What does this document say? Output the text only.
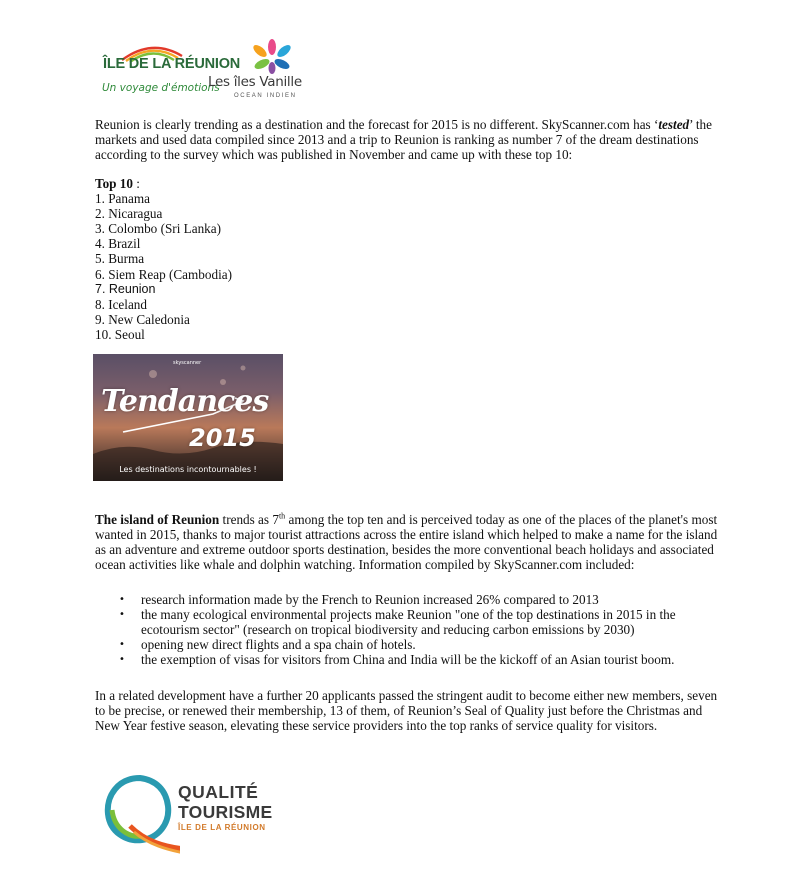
ÎLE DE LA RÉUNION
Un voyage d'émotions
Les îles Vanille
OCEAN INDIEN

Reunion is clearly trending as a destination and the forecast for 2015 is no different. SkyScanner.com has ‘tested’ the markets and used data compiled since 2013 and a trip to Reunion is ranking as number 7 of the dream destinations according to the survey which was published in November and came up with these top 10:

Top 10 :
1. Panama
2. Nicaragua
3. Colombo (Sri Lanka)
4. Brazil
5. Burma
6. Siem Reap (Cambodia)
7. Reunion
8. Iceland
9. New Caledonia
10. Seoul

The island of Reunion trends as 7th among the top ten and is perceived today as one of the places of the planet's most wanted in 2015, thanks to major tourist attractions across the entire island which helped to make a name for the island as an adventure and extreme outdoor sports destination, besides the more conventional beach holidays and associated ocean activities like whale and dolphin watching. Information compiled by SkyScanner.com included:

• research information made by the French to Reunion increased 26% compared to 2013
• the many ecological environmental projects make Reunion "one of the top destinations in 2015 in the ecotourism sector" (research on tropical biodiversity and reducing carbon emissions by 2030)
• opening new direct flights and a spa chain of hotels.
• the exemption of visas for visitors from China and India will be the kickoff of an Asian tourist boom.

In a related development have a further 20 applicants passed the stringent audit to become either new members, seven to be precise, or renewed their membership, 13 of them, of Reunion’s Seal of Quality just before the Christmas and New Year festive season, elevating these service providers into the top ranks of service quality for visitors.

skyscanner
Tendances
2015
Les destinations incontournables !
QUALITÉ
TOURISME
ÎLE DE LA RÉUNION
